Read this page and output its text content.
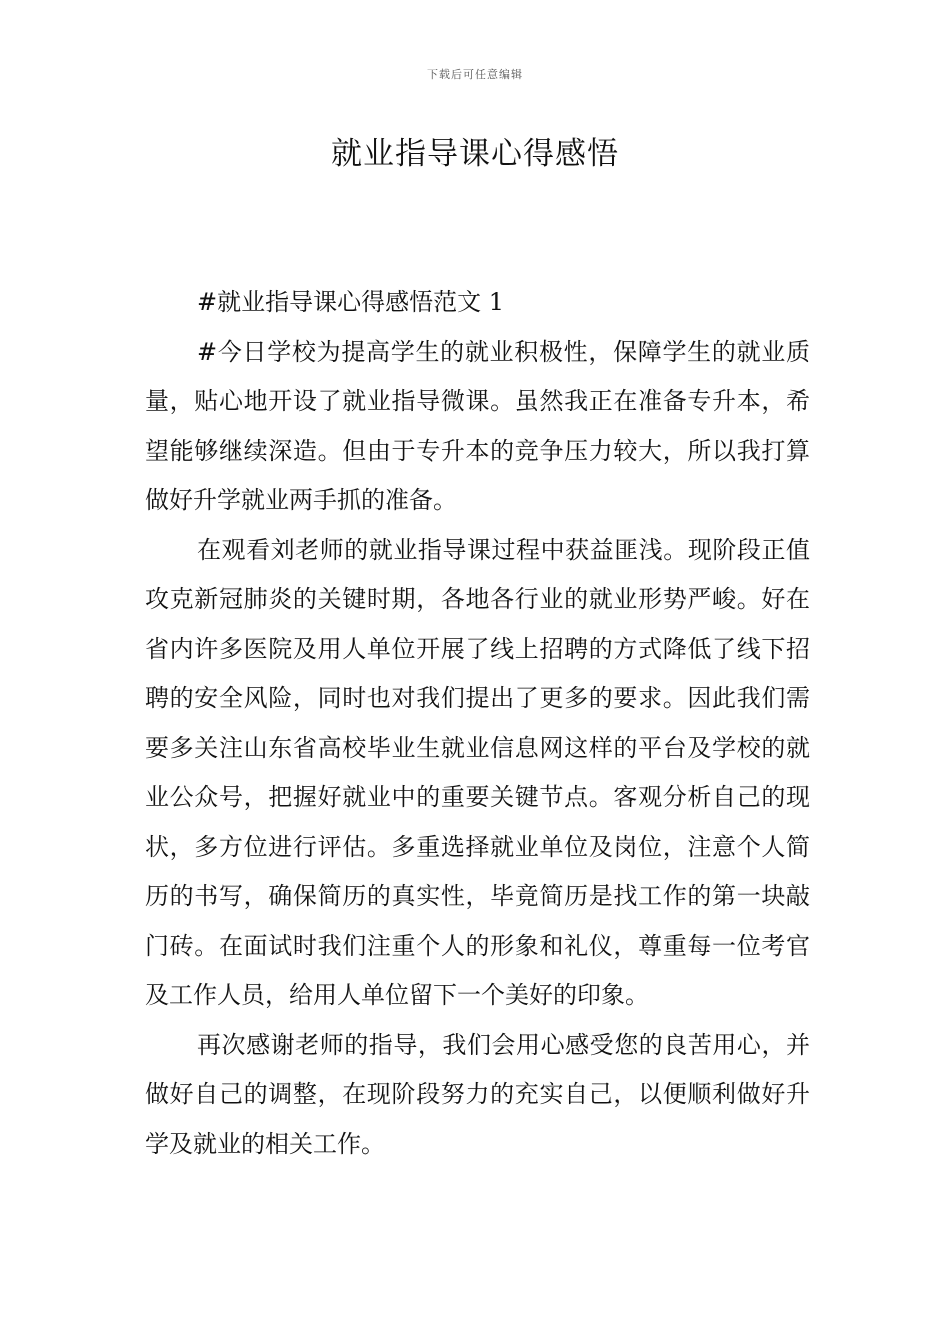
下载后可任意编辑
就业指导课心得感悟

#就业指导课心得感悟范文 1

#今日学校为提高学生的就业积极性，保障学生的就业质量，贴心地开设了就业指导微课。虽然我正在准备专升本，希望能够继续深造。但由于专升本的竞争压力较大，所以我打算做好升学就业两手抓的准备。

在观看刘老师的就业指导课过程中获益匪浅。现阶段正值攻克新冠肺炎的关键时期，各地各行业的就业形势严峻。好在省内许多医院及用人单位开展了线上招聘的方式降低了线下招聘的安全风险，同时也对我们提出了更多的要求。因此我们需要多关注山东省高校毕业生就业信息网这样的平台及学校的就业公众号，把握好就业中的重要关键节点。客观分析自己的现状，多方位进行评估。多重选择就业单位及岗位，注意个人简历的书写，确保简历的真实性，毕竟简历是找工作的第一块敲门砖。在面试时我们注重个人的形象和礼仪，尊重每一位考官及工作人员，给用人单位留下一个美好的印象。

再次感谢老师的指导，我们会用心感受您的良苦用心，并做好自己的调整，在现阶段努力的充实自己，以便顺利做好升学及就业的相关工作。
